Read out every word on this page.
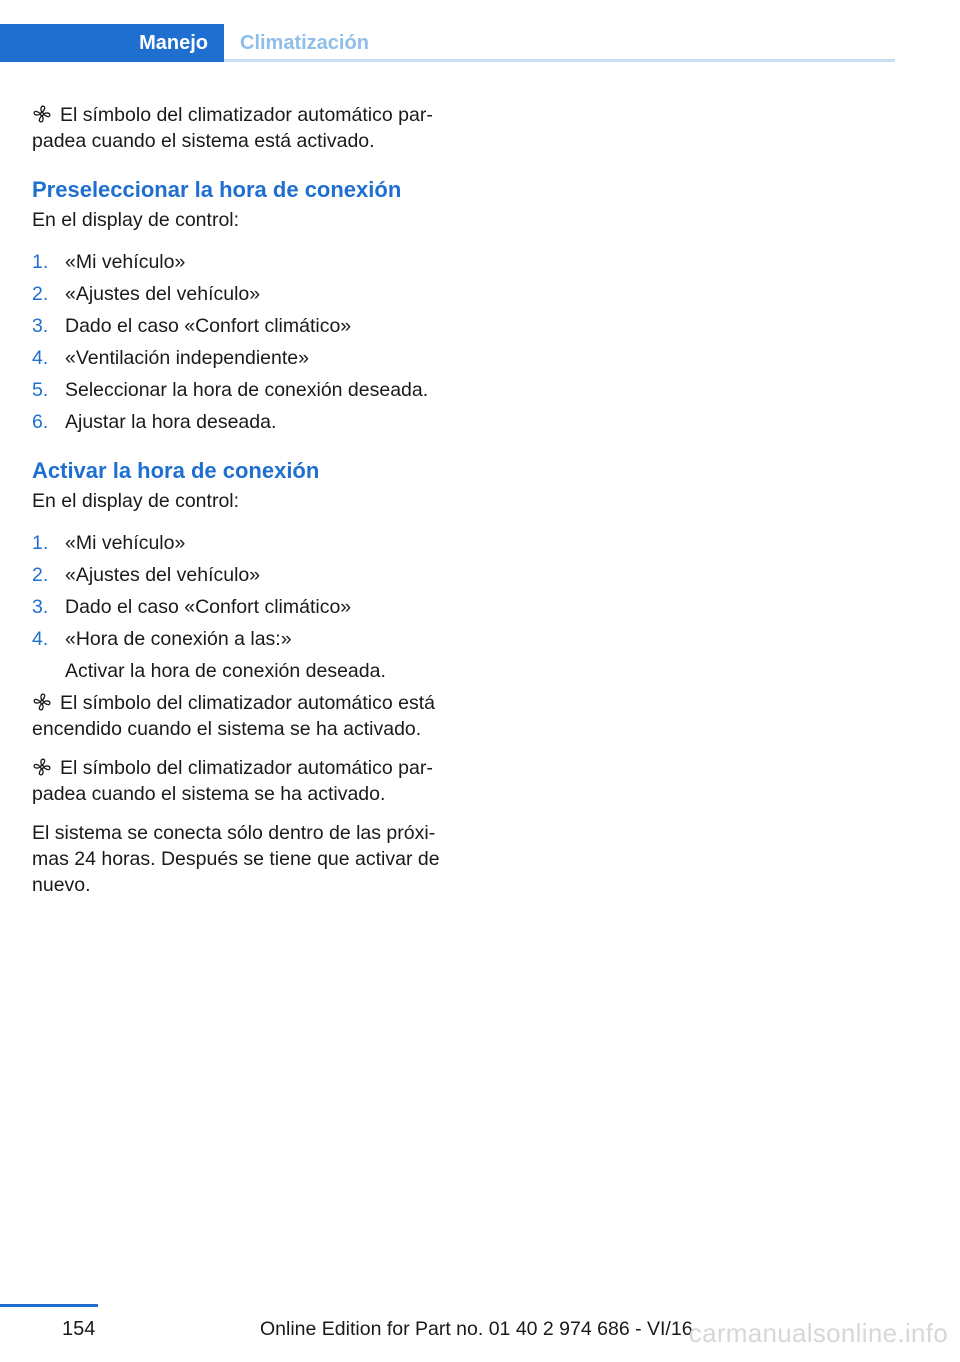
Manejo	Climatización

El símbolo del climatizador automático par-padea cuando el sistema está activado.

Preseleccionar la hora de conexión

En el display de control:

1. «Mi vehículo»
2. «Ajustes del vehículo»
3. Dado el caso «Confort climático»
4. «Ventilación independiente»
5. Seleccionar la hora de conexión deseada.
6. Ajustar la hora deseada.
Activar la hora de conexión

En el display de control:

1. «Mi vehículo»
2. «Ajustes del vehículo»
3. Dado el caso «Confort climático»
4. «Hora de conexión a las:»
Activar la hora de conexión deseada.

El símbolo del climatizador automático está encendido cuando el sistema se ha activado.

El símbolo del climatizador automático par-padea cuando el sistema se ha activado.

El sistema se conecta sólo dentro de las próxi-mas 24 horas. Después se tiene que activar de nuevo.

154	Online Edition for Part no. 01 40 2 974 686 - VI/16
carmanualsonline.info
